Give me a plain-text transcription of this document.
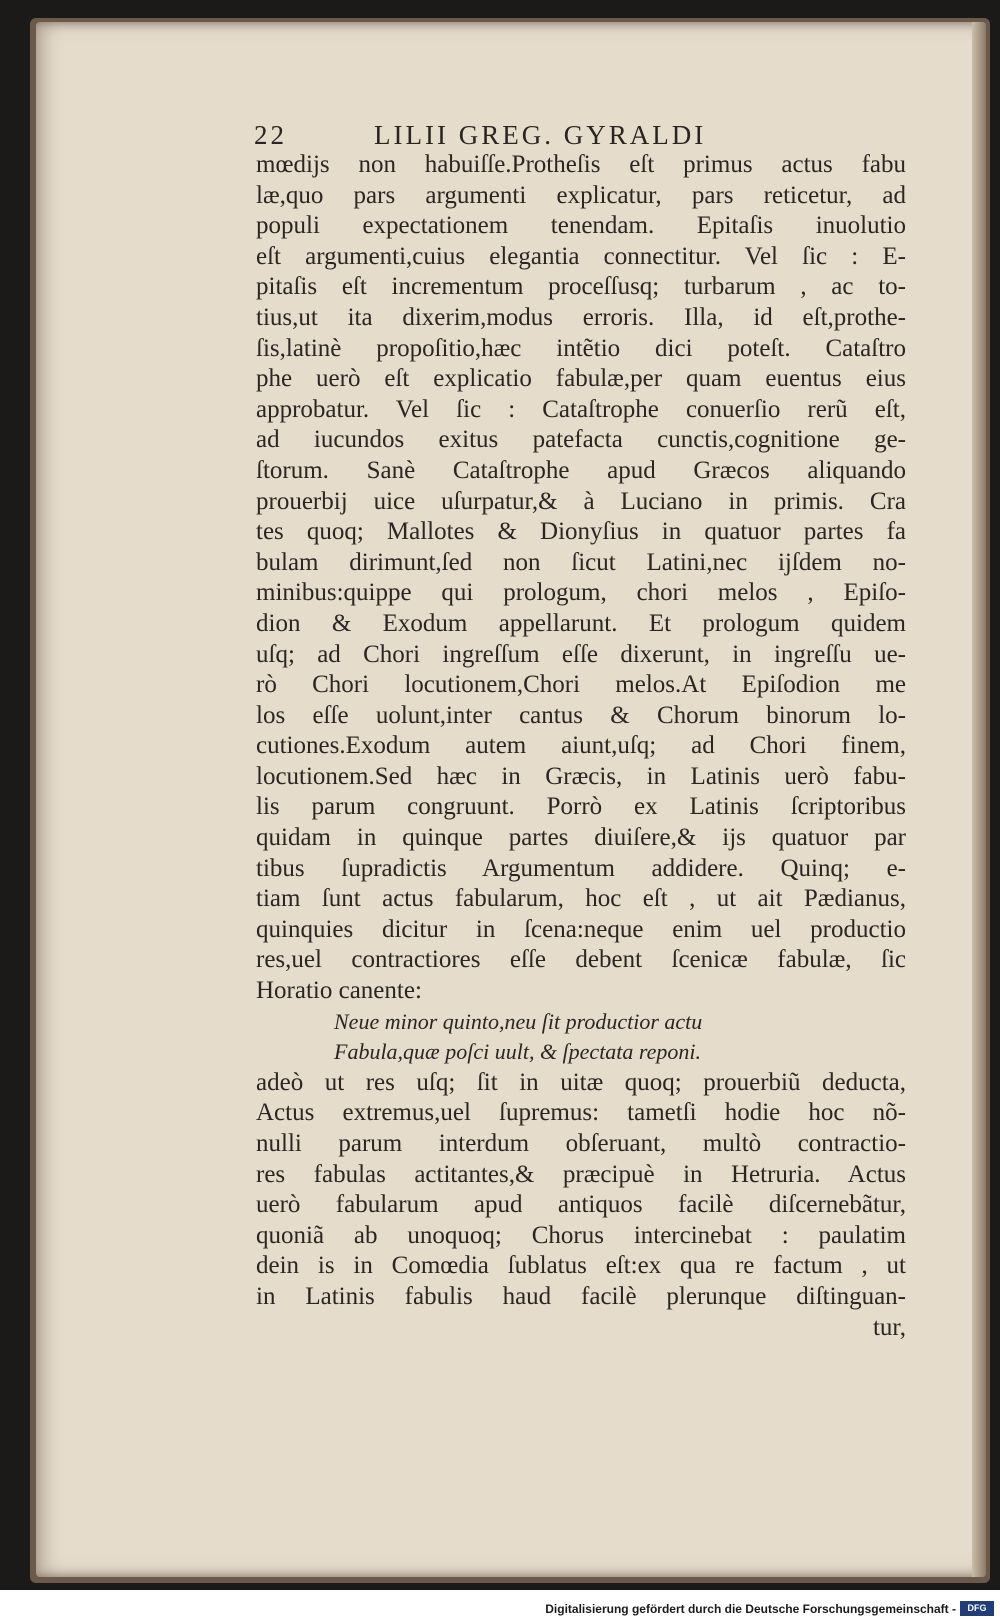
22	LILII GREG. GYRALDI
mœdijs non habuiſſe.Protheſis eſt primus actus fabu
læ,quo pars argumenti explicatur, pars reticetur, ad
populi expectationem tenendam. Epitaſis inuolutio
eſt argumenti,cuius elegantia connectitur. Vel ſic : E-
pitaſis eſt incrementum proceſſusq; turbarum , ac to-
tius,ut ita dixerim,modus erroris. Illa, id eſt,prothe-
ſis,latinè propoſitio,hæc intẽtio dici poteſt. Cataſtro
phe uerò eſt explicatio fabulæ,per quam euentus eius
approbatur. Vel ſic : Cataſtrophe conuerſio rerũ eſt,
ad iucundos exitus patefacta cunctis,cognitione ge-
ſtorum. Sanè Cataſtrophe apud Græcos aliquando
prouerbij uice uſurpatur,& à Luciano in primis. Cra
tes quoq; Mallotes & Dionyſius in quatuor partes fa
bulam dirimunt,ſed non ſicut Latini,nec ijſdem no-
minibus:quippe qui prologum, chori melos , Epiſo-
dion & Exodum appellarunt. Et prologum quidem
uſq; ad Chori ingreſſum eſſe dixerunt, in ingreſſu ue-
rò Chori locutionem,Chori melos.At Epiſodion me
los eſſe uolunt,inter cantus & Chorum binorum lo-
cutiones.Exodum autem aiunt,uſq; ad Chori finem,
locutionem.Sed hæc in Græcis, in Latinis uerò fabu-
lis parum congruunt. Porrò ex Latinis ſcriptoribus
quidam in quinque partes diuiſere,& ijs quatuor par
tibus ſupradictis Argumentum addidere. Quinq; e-
tiam ſunt actus fabularum, hoc eſt , ut ait Pædianus,
quinquies dicitur in ſcena:neque enim uel productio
res,uel contractiores eſſe debent ſcenicæ fabulæ, ſic
Horatio canente:
Neue minor quinto,neu ſit productior actu
Fabula,quæ poſci uult, & ſpectata reponi.
adeò ut res uſq; ſit in uitæ quoq; prouerbiũ deducta,
Actus extremus,uel ſupremus: tametſi hodie hoc nõ-
nulli parum interdum obſeruant, multò contractio-
res fabulas actitantes,& præcipuè in Hetruria. Actus
uerò fabularum apud antiquos facilè diſcernebãtur,
quoniã ab unoquoq; Chorus intercinebat : paulatim
dein is in Comœdia ſublatus eſt:ex qua re factum , ut
in Latinis fabulis haud facilè plerunque diſtinguan-
tur,
Digitalisierung gefördert durch die Deutsche Forschungsgemeinschaft -	DFG
